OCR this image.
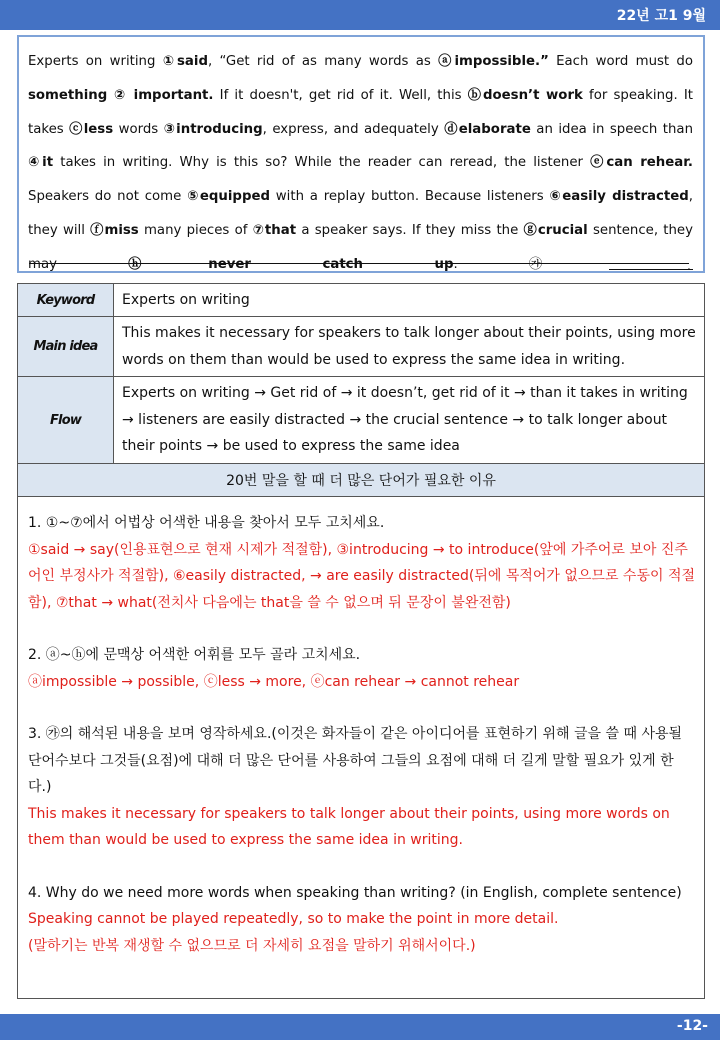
22년 고1 9월
Experts on writing ①said, “Get rid of as many words as ⓐimpossible.” Each word must do something ② important. If it doesn't, get rid of it. Well, this ⓑdoesn’t work for speaking. It takes ⓒless words ③introducing, express, and adequately ⓓelaborate an idea in speech than ④it takes in writing. Why is this so? While the reader can reread, the listener ⓔcan rehear. Speakers do not come ⑤equipped with a replay button. Because listeners ⑥easily distracted, they will ⓕmiss many pieces of ⑦that a speaker says. If they miss the ⓖcrucial sentence, they may ⓗnever catch up. ㉮	.
Keyword	Experts on writing
Main idea	This makes it necessary for speakers to talk longer about their points, using more words on them than would be used to express the same idea in writing.
Flow	Experts on writing → Get rid of → it doesn’t, get rid of it → than it takes in writing → listeners are easily distracted → the crucial sentence → to talk longer about their points → be used to express the same idea
20번 말을 할 때 더 많은 단어가 필요한 이유	

1. ①~⑦에서 어법상 어색한 내용을 찾아서 모두 고치세요.

①said → say(인용표현으로 현재 시제가 적절함), ③introducing → to introduce(앞에 가주어로 보아 진주어인 부정사가 적절함), ⑥easily distracted, → are easily distracted(뒤에 목적어가 없으므로 수동이 적절함), ⑦that → what(전치사 다음에는 that을 쓸 수 없으며 뒤 문장이 불완전함)

2. ⓐ~ⓗ에 문맥상 어색한 어휘를 모두 골라 고치세요.

ⓐimpossible → possible, ⓒless → more, ⓔcan rehear → cannot rehear

3. ㉮의 해석된 내용을 보며 영작하세요.(이것은 화자들이 같은 아이디어를 표현하기 위해 글을 쓸 때 사용될 단어수보다 그것들(요점)에 대해 더 많은 단어를 사용하여 그들의 요점에 대해 더 길게 말할 필요가 있게 한다.)

This makes it necessary for speakers to talk longer about their points, using more words on them than would be used to express the same idea in writing.

4. Why do we need more words when speaking than writing? (in English, complete sentence)

Speaking cannot be played repeatedly, so to make the point in more detail.

(말하기는 반복 재생할 수 없으므로 더 자세히 요점을 말하기 위해서이다.)

-12-
